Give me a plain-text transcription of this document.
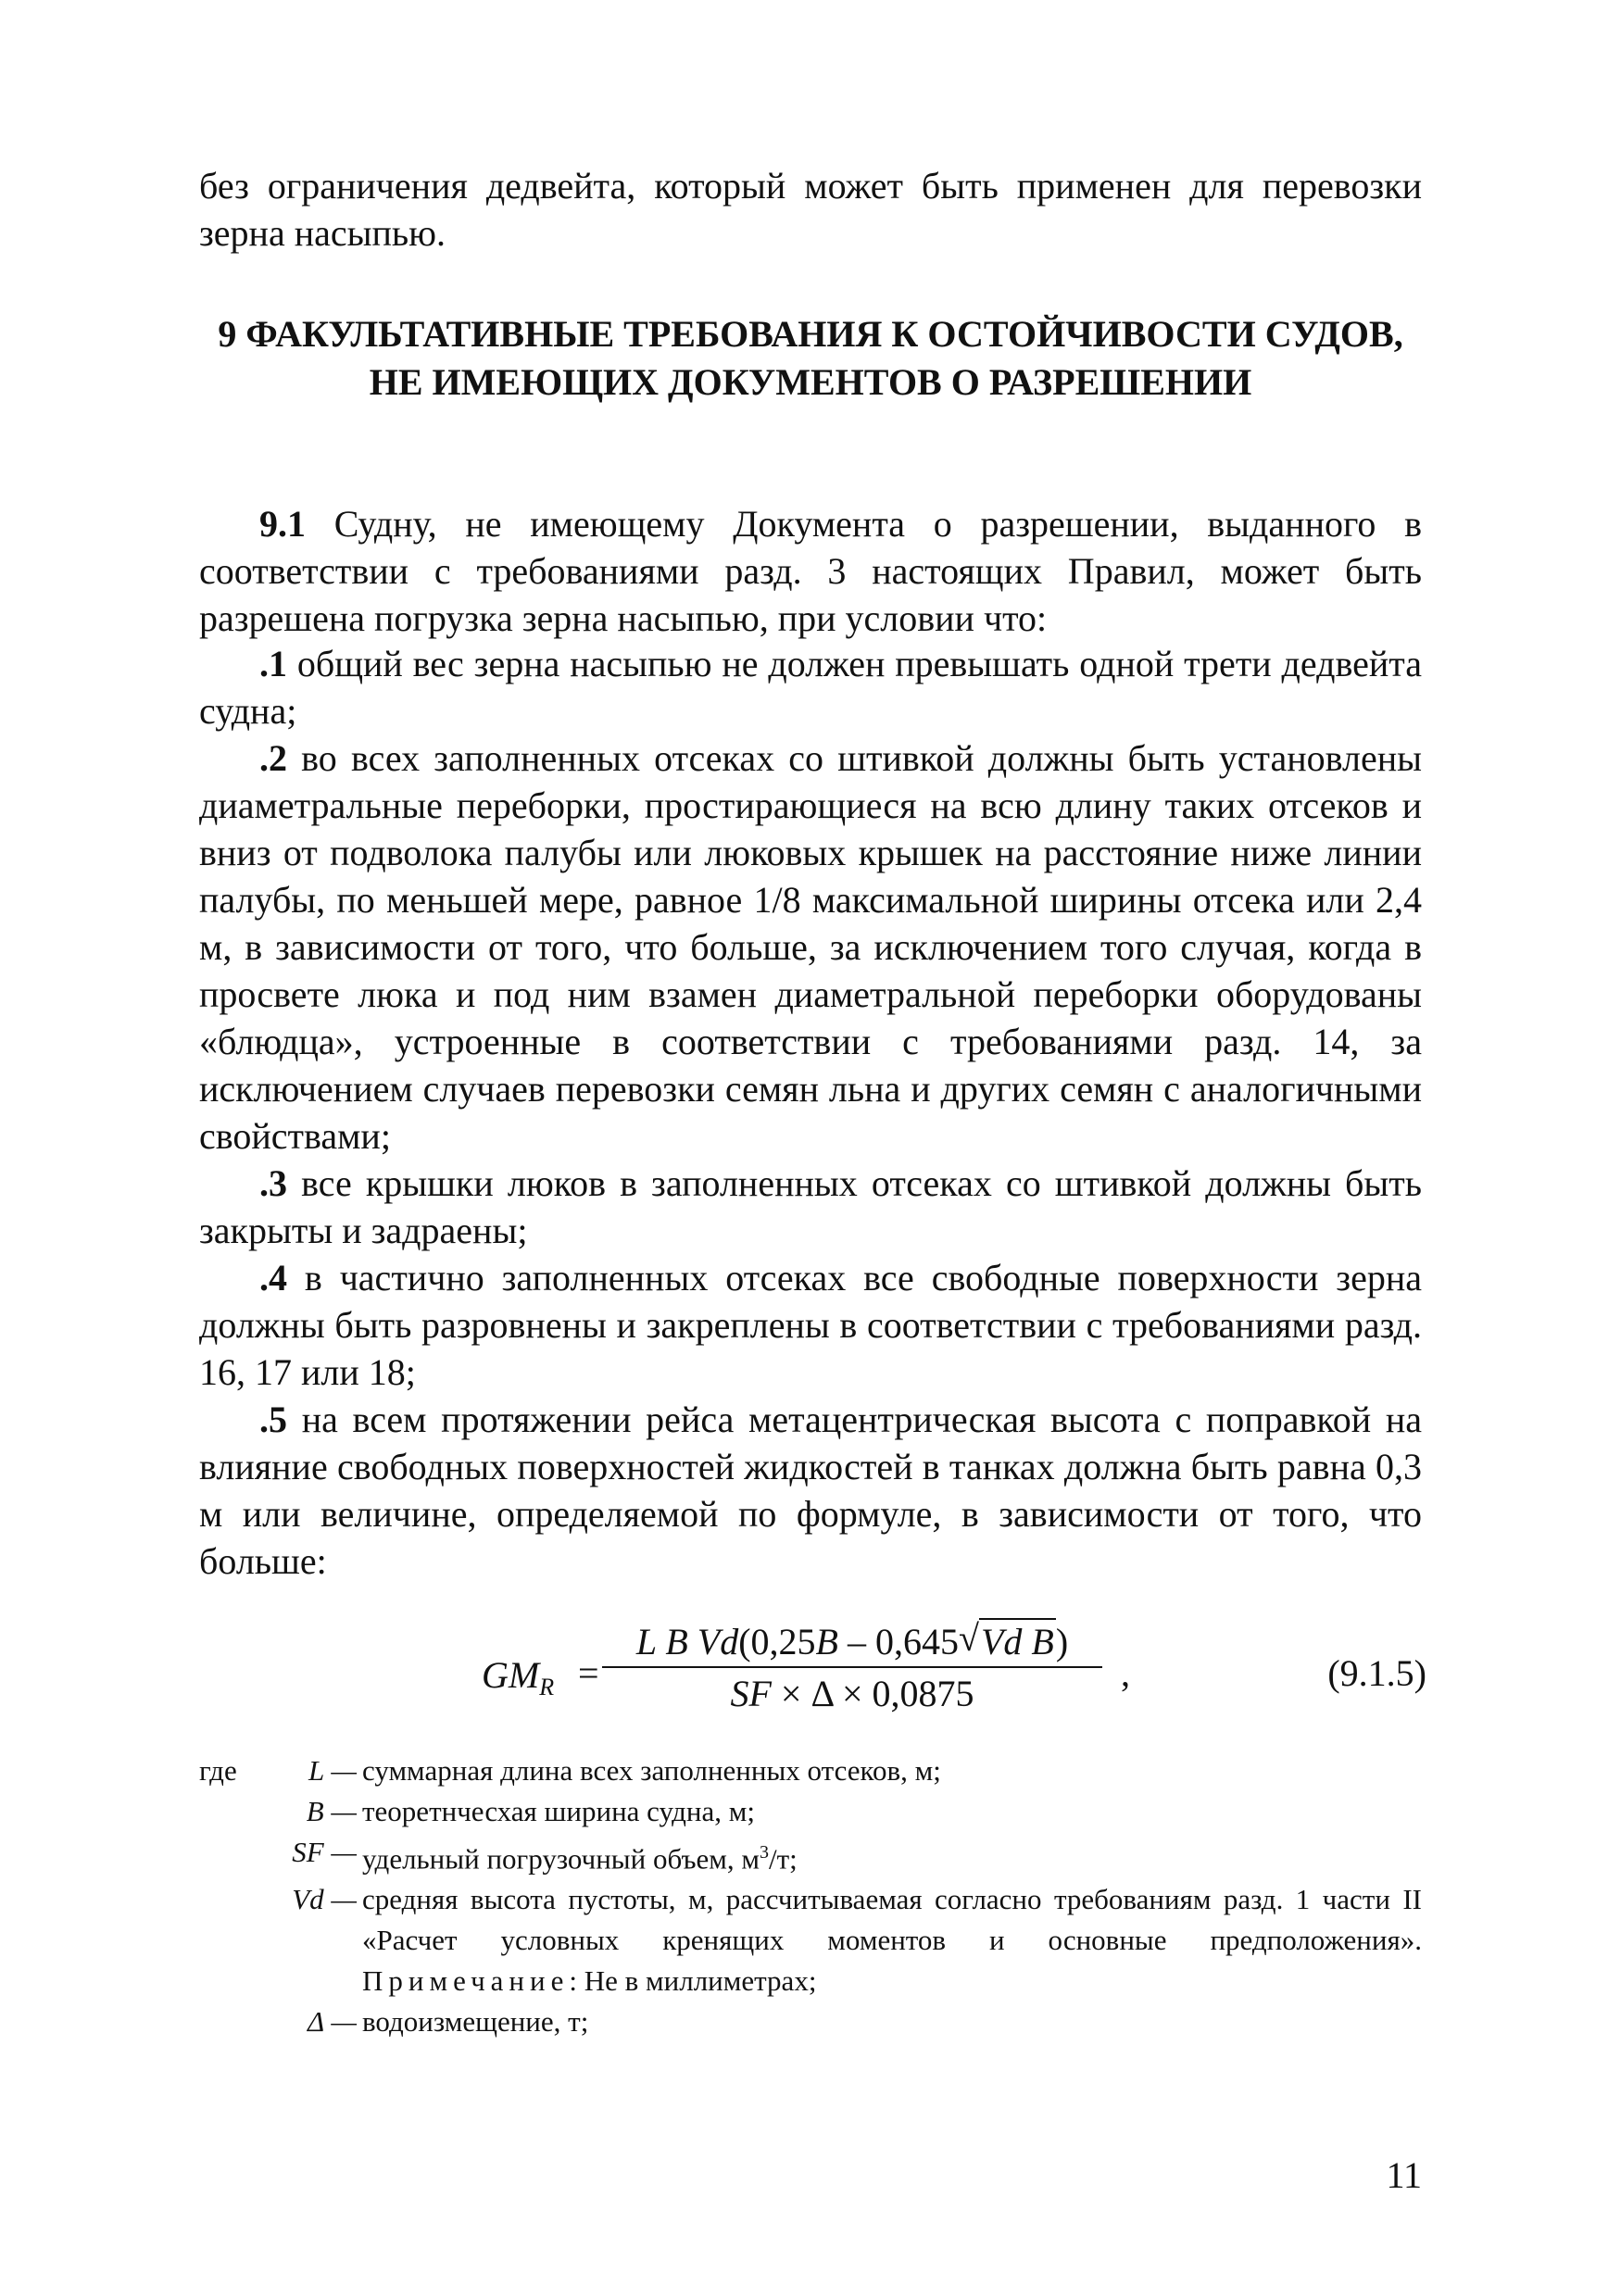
без ограничения дедвейта, который может быть применен для перевозки зерна насыпью.

9 ФАКУЛЬТАТИВНЫЕ ТРЕБОВАНИЯ К ОСТОЙЧИВОСТИ СУДОВ,
НЕ ИМЕЮЩИХ ДОКУМЕНТОВ О РАЗРЕШЕНИИ

9.1 Судну, не имеющему Документа о разрешении, выданного в соответствии с требованиями разд. 3 настоящих Правил, может быть разрешена погрузка зерна насыпью, при условии что:

.1 общий вес зерна насыпью не должен превышать одной трети дедвейта судна;

.2 во всех заполненных отсеках со штивкой должны быть установлены диаметральные переборки, простирающиеся на всю длину таких отсеков и вниз от подволока палубы или люковых крышек на расстояние ниже линии палубы, по меньшей мере, равное 1/8 максимальной ширины отсека или 2,4 м, в зависимости от того, что больше, за исключением того случая, когда в просвете люка и под ним взамен диаметральной переборки оборудованы «блюдца», устроенные в соответствии с требованиями разд. 14, за исключением случаев перевозки семян льна и других семян с аналогичными свойствами;

.3 все крышки люков в заполненных отсеках со штивкой должны быть закрыты и задраены;

.4 в частично заполненных отсеках все свободные поверхности зерна должны быть разровнены и закреплены в соответствии с требованиями разд. 16, 17 или 18;

.5 на всем протяжении рейса метацентрическая высота с поправкой на влияние свободных поверхностей жидкостей в танках должна быть равна 0,3 м или величине, определяемой по формуле, в зависимости от того, что больше:

$GM_R$ =
L B Vd(0,25B – 0,645 √ Vd B)
SF × Δ × 0,0875	,	(9.1.5)
где	L — суммарная длина всех заполненных отсеков, м;
B — теоретнчесхая ширина судна, м;
SF — удельный погрузочный объем, $м^3/т$;
Vd — средняя высота пустоты, м, рассчитываемая согласно требованиям разд. 1 части II «Расчет условных кренящих моментов и основные предположения». Примечание: Не в миллиметрах;
Δ — водоизмещение, т;
11
